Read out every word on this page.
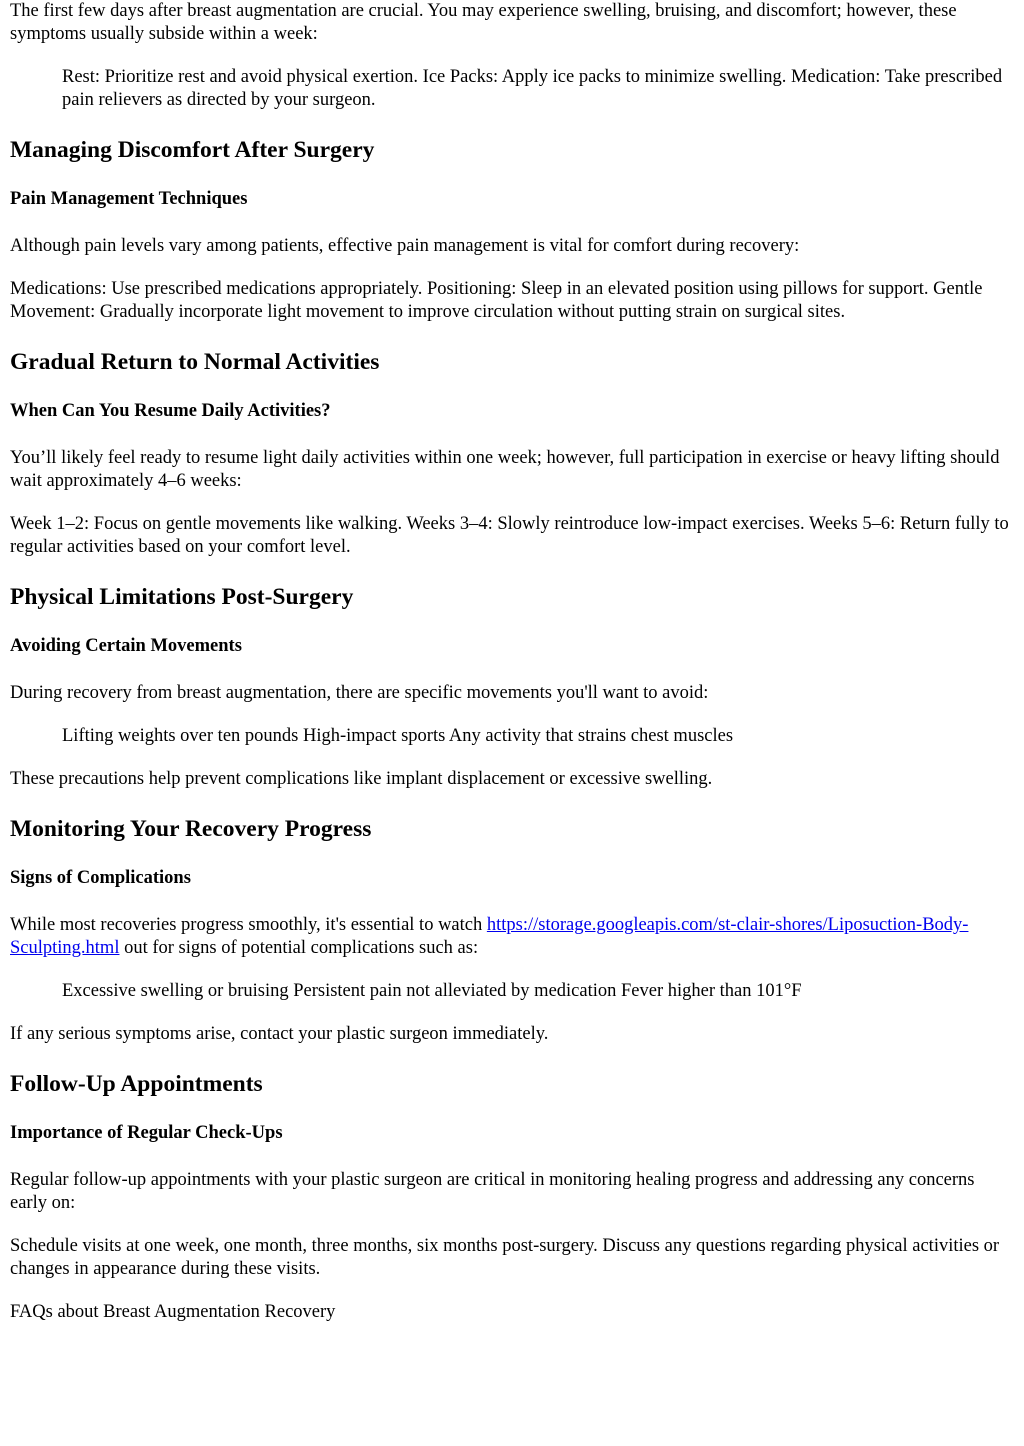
The first few days after breast augmentation are crucial. You may experience swelling, bruising, and discomfort; however, these symptoms usually subside within a week:

Rest: Prioritize rest and avoid physical exertion. Ice Packs: Apply ice packs to minimize swelling. Medication: Take prescribed pain relievers as directed by your surgeon.

Managing Discomfort After Surgery
Pain Management Techniques

Although pain levels vary among patients, effective pain management is vital for comfort during recovery:

Medications: Use prescribed medications appropriately. Positioning: Sleep in an elevated position using pillows for support. Gentle Movement: Gradually incorporate light movement to improve circulation without putting strain on surgical sites.

Gradual Return to Normal Activities
When Can You Resume Daily Activities?

You’ll likely feel ready to resume light daily activities within one week; however, full participation in exercise or heavy lifting should wait approximately 4–6 weeks:

Week 1–2: Focus on gentle movements like walking. Weeks 3–4: Slowly reintroduce low-impact exercises. Weeks 5–6: Return fully to regular activities based on your comfort level.

Physical Limitations Post-Surgery
Avoiding Certain Movements

During recovery from breast augmentation, there are specific movements you'll want to avoid:

Lifting weights over ten pounds High-impact sports Any activity that strains chest muscles

These precautions help prevent complications like implant displacement or excessive swelling.

Monitoring Your Recovery Progress
Signs of Complications

While most recoveries progress smoothly, it's essential to watch https://storage.googleapis.com/st-clair-shores/Liposuction-Body-Sculpting.html out for signs of potential complications such as:

Excessive swelling or bruising Persistent pain not alleviated by medication Fever higher than 101°F

If any serious symptoms arise, contact your plastic surgeon immediately.

Follow-Up Appointments
Importance of Regular Check-Ups

Regular follow-up appointments with your plastic surgeon are critical in monitoring healing progress and addressing any concerns early on:

Schedule visits at one week, one month, three months, six months post-surgery. Discuss any questions regarding physical activities or changes in appearance during these visits.

FAQs about Breast Augmentation Recovery
